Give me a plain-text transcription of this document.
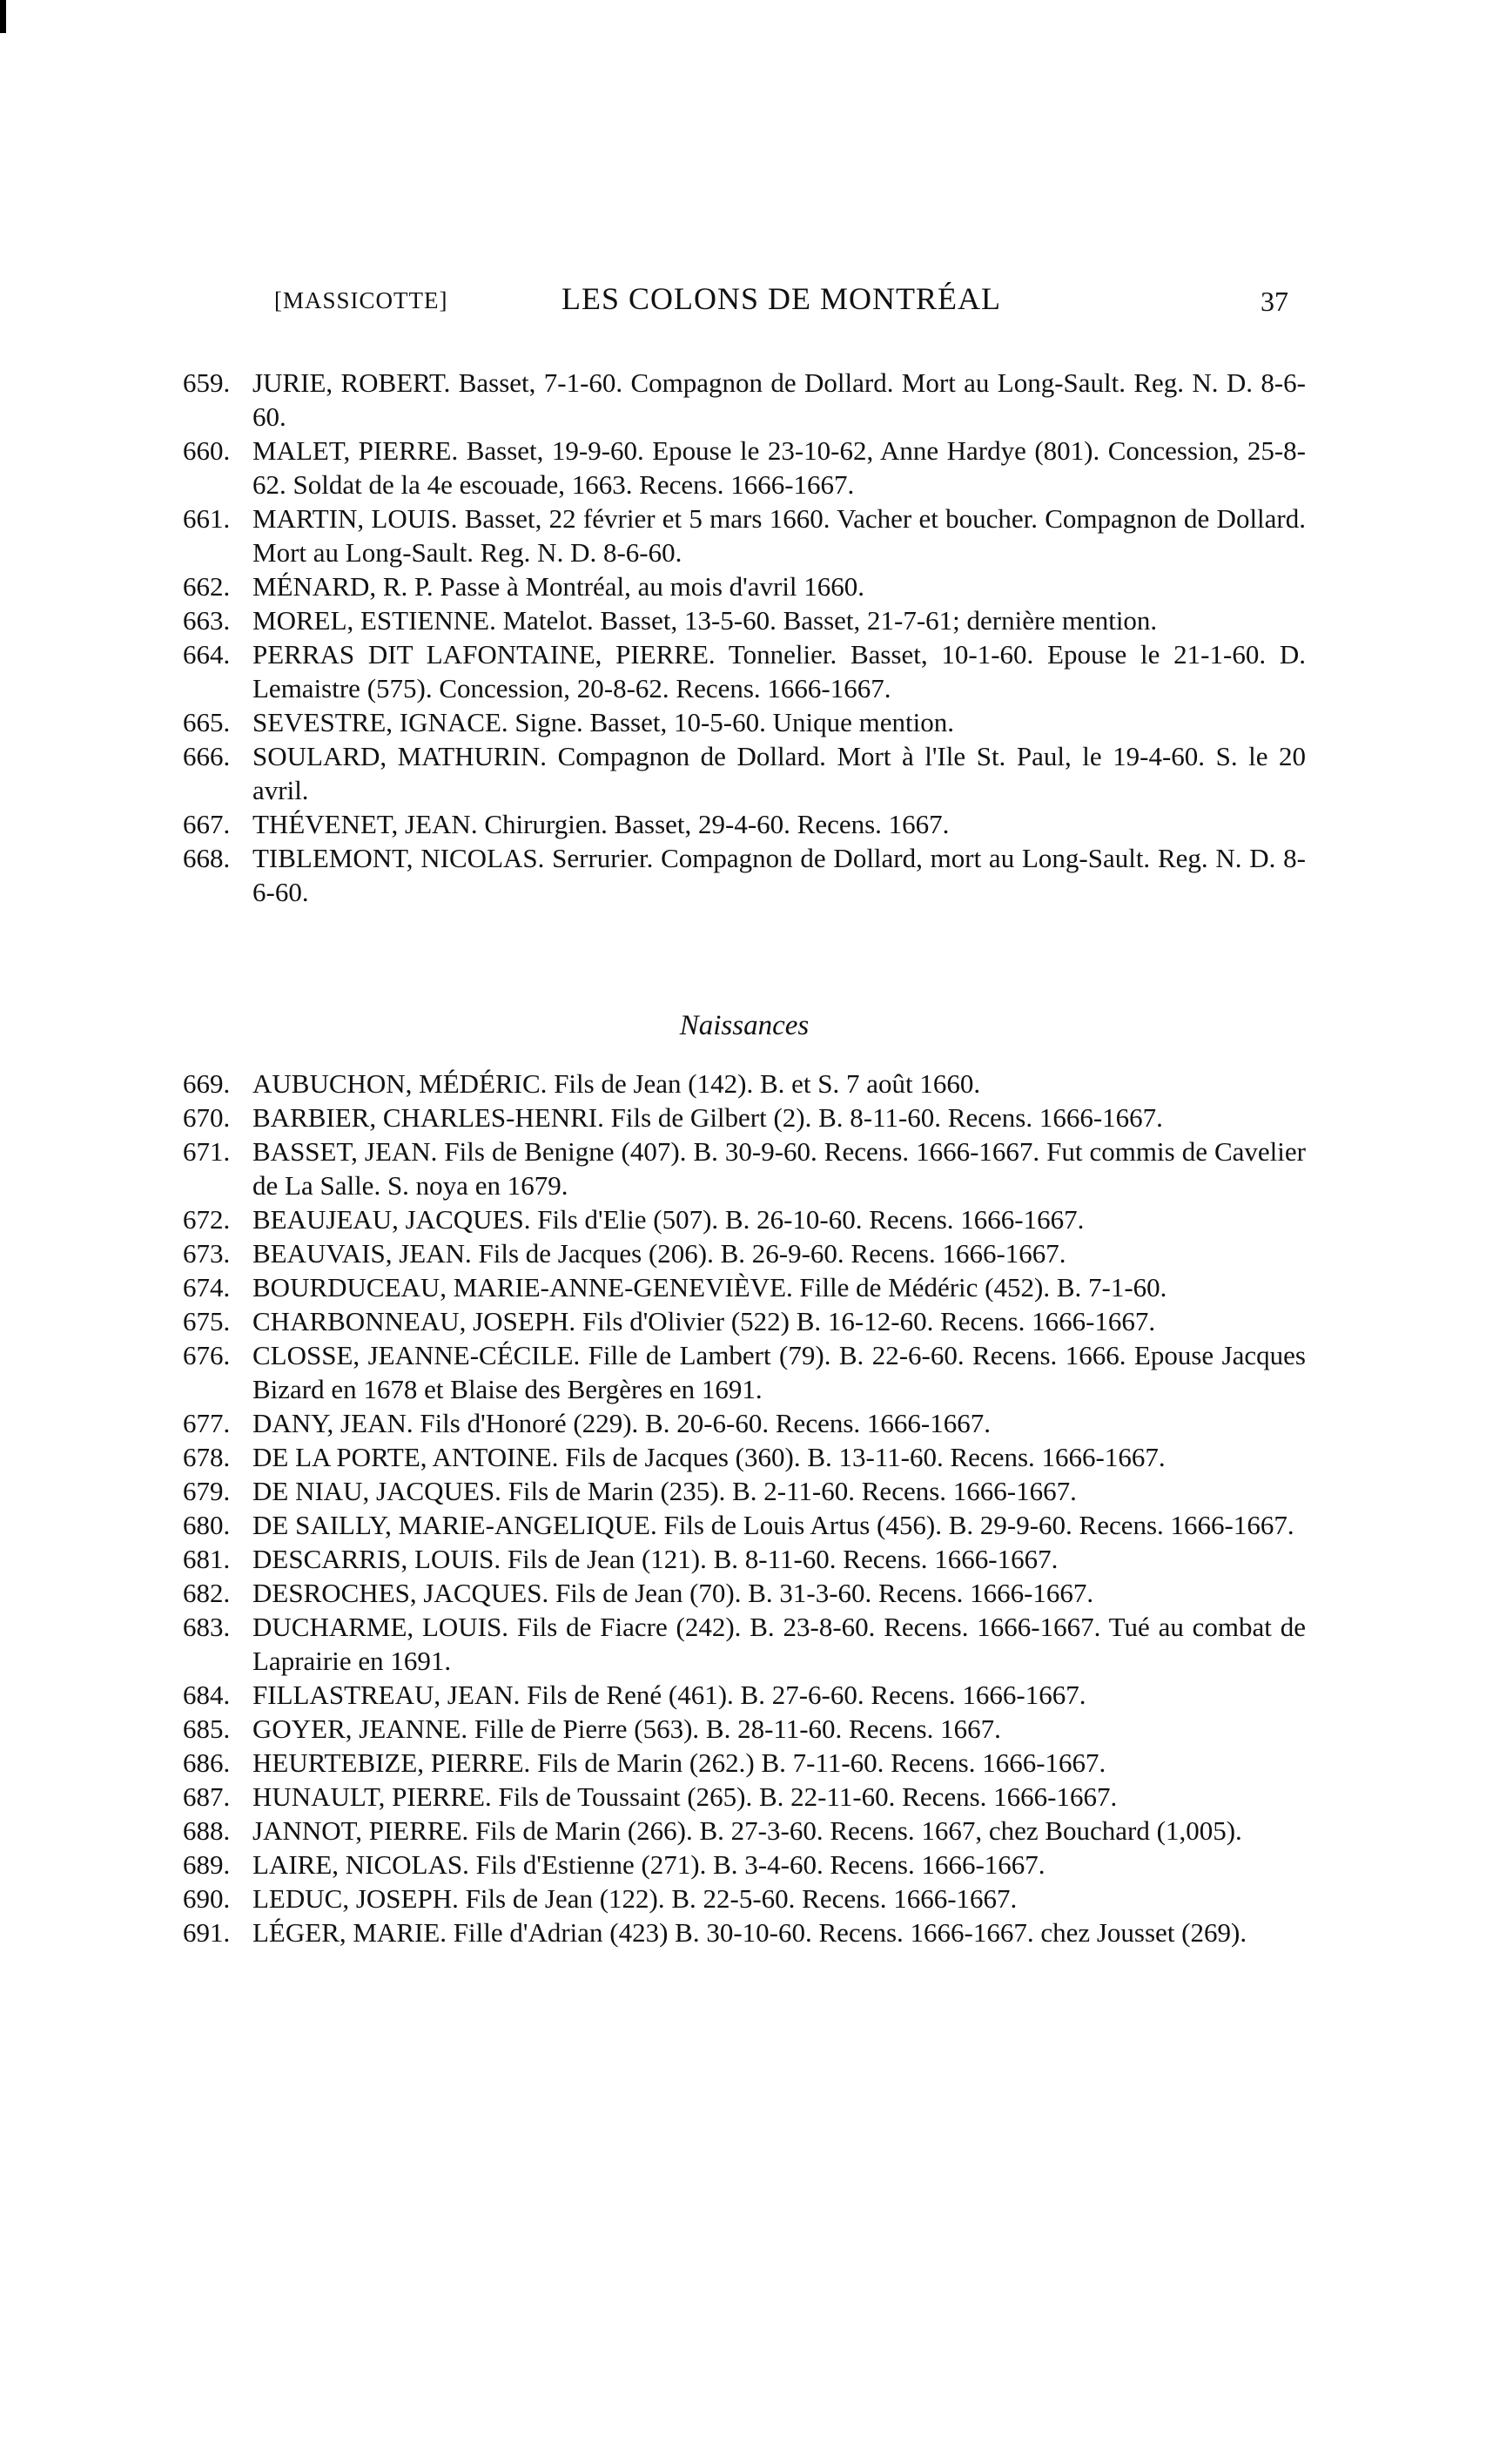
[MASSICOTTE]	LES COLONS DE MONTRÉAL	37
659. JURIE, ROBERT. Basset, 7-1-60. Compagnon de Dollard. Mort au Long-Sault. Reg. N. D. 8-6-60.
660. MALET, PIERRE. Basset, 19-9-60. Epouse le 23-10-62, Anne Hardye (801). Concession, 25-8-62. Soldat de la 4e escouade, 1663. Recens. 1666-1667.
661. MARTIN, LOUIS. Basset, 22 février et 5 mars 1660. Vacher et boucher. Compagnon de Dollard. Mort au Long-Sault. Reg. N. D. 8-6-60.
662. MÉNARD, R. P. Passe à Montréal, au mois d'avril 1660.
663. MOREL, ESTIENNE. Matelot. Basset, 13-5-60. Basset, 21-7-61; dernière mention.
664. PERRAS DIT LAFONTAINE, PIERRE. Tonnelier. Basset, 10-1-60. Epouse le 21-1-60. D. Lemaistre (575). Concession, 20-8-62. Recens. 1666-1667.
665. SEVESTRE, IGNACE. Signe. Basset, 10-5-60. Unique mention.
666. SOULARD, MATHURIN. Compagnon de Dollard. Mort à l'Ile St. Paul, le 19-4-60. S. le 20 avril.
667. THÉVENET, JEAN. Chirurgien. Basset, 29-4-60. Recens. 1667.
668. TIBLEMONT, NICOLAS. Serrurier. Compagnon de Dollard, mort au Long-Sault. Reg. N. D. 8-6-60.
Naissances
669. AUBUCHON, MÉDÉRIC. Fils de Jean (142). B. et S. 7 août 1660.
670. BARBIER, CHARLES-HENRI. Fils de Gilbert (2). B. 8-11-60. Recens. 1666-1667.
671. BASSET, JEAN. Fils de Benigne (407). B. 30-9-60. Recens. 1666-1667. Fut commis de Cavelier de La Salle. S. noya en 1679.
672. BEAUJEAU, JACQUES. Fils d'Elie (507). B. 26-10-60. Recens. 1666-1667.
673. BEAUVAIS, JEAN. Fils de Jacques (206). B. 26-9-60. Recens. 1666-1667.
674. BOURDUCEAU, MARIE-ANNE-GENEVIÈVE. Fille de Médéric (452). B. 7-1-60.
675. CHARBONNEAU, JOSEPH. Fils d'Olivier (522) B. 16-12-60. Recens. 1666-1667.
676. CLOSSE, JEANNE-CÉCILE. Fille de Lambert (79). B. 22-6-60. Recens. 1666. Epouse Jacques Bizard en 1678 et Blaise des Bergères en 1691.
677. DANY, JEAN. Fils d'Honoré (229). B. 20-6-60. Recens. 1666-1667.
678. DE LA PORTE, ANTOINE. Fils de Jacques (360). B. 13-11-60. Recens. 1666-1667.
679. DE NIAU, JACQUES. Fils de Marin (235). B. 2-11-60. Recens. 1666-1667.
680. DE SAILLY, MARIE-ANGELIQUE. Fils de Louis Artus (456). B. 29-9-60. Recens. 1666-1667.
681. DESCARRIS, LOUIS. Fils de Jean (121). B. 8-11-60. Recens. 1666-1667.
682. DESROCHES, JACQUES. Fils de Jean (70). B. 31-3-60. Recens. 1666-1667.
683. DUCHARME, LOUIS. Fils de Fiacre (242). B. 23-8-60. Recens. 1666-1667. Tué au combat de Laprairie en 1691.
684. FILLASTREAU, JEAN. Fils de René (461). B. 27-6-60. Recens. 1666-1667.
685. GOYER, JEANNE. Fille de Pierre (563). B. 28-11-60. Recens. 1667.
686. HEURTEBIZE, PIERRE. Fils de Marin (262.) B. 7-11-60. Recens. 1666-1667.
687. HUNAULT, PIERRE. Fils de Toussaint (265). B. 22-11-60. Recens. 1666-1667.
688. JANNOT, PIERRE. Fils de Marin (266). B. 27-3-60. Recens. 1667, chez Bouchard (1,005).
689. LAIRE, NICOLAS. Fils d'Estienne (271). B. 3-4-60. Recens. 1666-1667.
690. LEDUC, JOSEPH. Fils de Jean (122). B. 22-5-60. Recens. 1666-1667.
691. LÉGER, MARIE. Fille d'Adrian (423) B. 30-10-60. Recens. 1666-1667. chez Jousset (269).
